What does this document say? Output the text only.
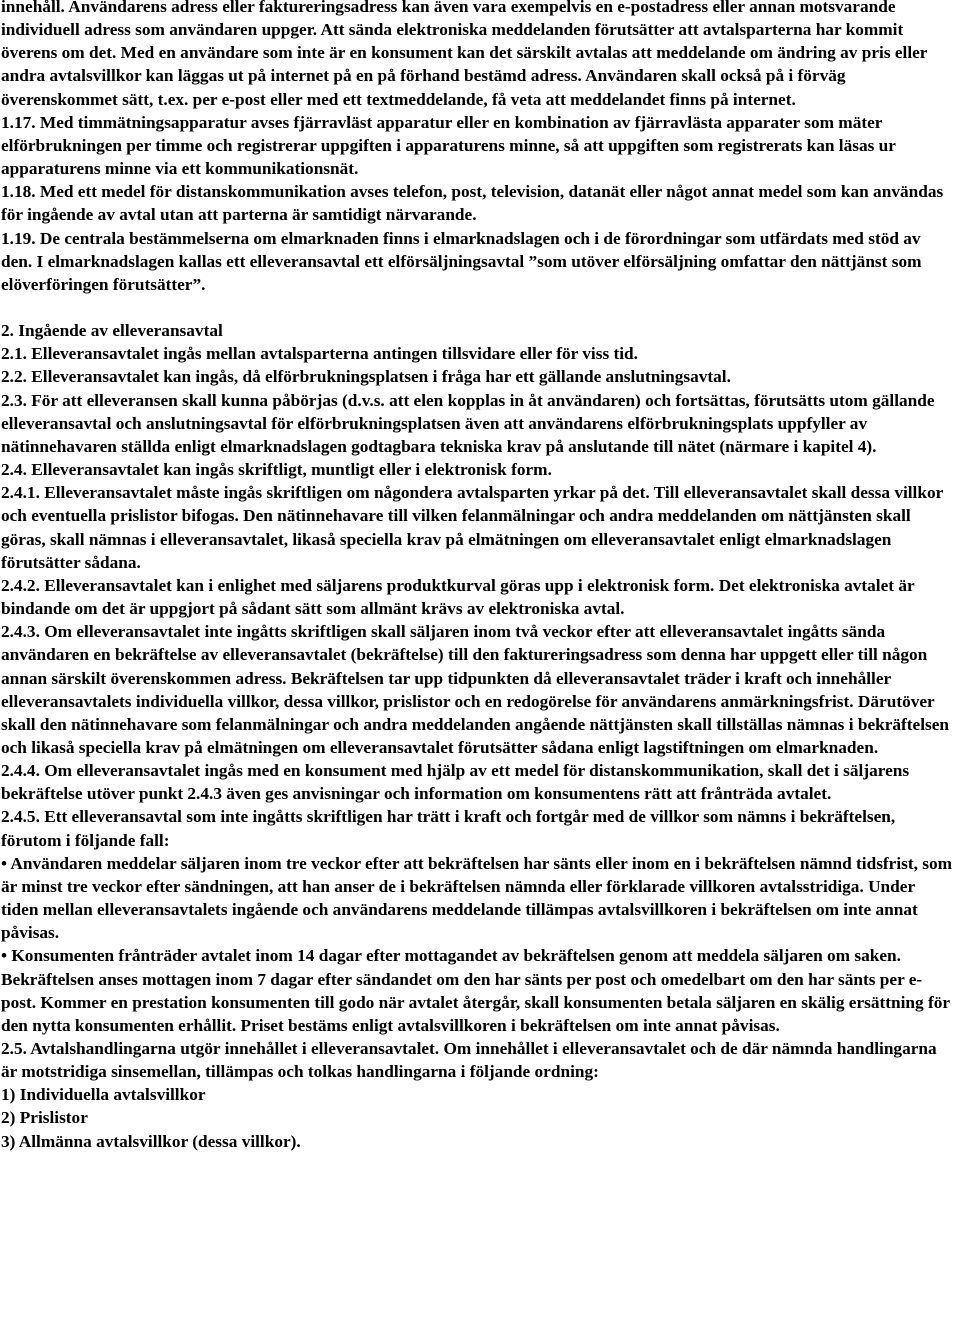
innehåll. Användarens adress eller faktureringsadress kan även vara exempelvis en e-postadress eller annan motsvarande individuell adress som användaren uppger. Att sända elektroniska meddelanden förutsätter att avtalsparterna har kommit överens om det. Med en användare som inte är en konsument kan det särskilt avtalas att meddelande om ändring av pris eller andra avtalsvillkor kan läggas ut på internet på en på förhand bestämd adress. Användaren skall också på i förväg överenskommet sätt, t.ex. per e-post eller med ett textmeddelande, få veta att meddelandet finns på internet.

1.17. Med timmätningsapparatur avses fjärravläst apparatur eller en kombination av fjärravlästa apparater som mäter elförbrukningen per timme och registrerar uppgiften i apparaturens minne, så att uppgiften som registrerats kan läsas ur apparaturens minne via ett kommunikationsnät.

1.18. Med ett medel för distanskommunikation avses telefon, post, television, datanät eller något annat medel som kan användas för ingående av avtal utan att parterna är samtidigt närvarande.

1.19. De centrala bestämmelserna om elmarknaden finns i elmarknadslagen och i de förordningar som utfärdats med stöd av den. I elmarknadslagen kallas ett elleveransavtal ett elförsäljningsavtal ”som utöver elförsäljning omfattar den nättjänst som elöverföringen förutsätter”.

2. Ingående av elleveransavtal

2.1. Elleveransavtalet ingås mellan avtalsparterna antingen tillsvidare eller för viss tid.

2.2. Elleveransavtalet kan ingås, då elförbrukningsplatsen i fråga har ett gällande anslutningsavtal.

2.3. För att elleveransen skall kunna påbörjas (d.v.s. att elen kopplas in åt användaren) och fortsättas, förutsätts utom gällande elleveransavtal och anslutningsavtal för elförbrukningsplatsen även att användarens elförbrukningsplats uppfyller av nätinnehavaren ställda enligt elmarknadslagen godtagbara tekniska krav på anslutande till nätet (närmare i kapitel 4).

2.4. Elleveransavtalet kan ingås skriftligt, muntligt eller i elektronisk form.

2.4.1. Elleveransavtalet måste ingås skriftligen om någondera avtalsparten yrkar på det. Till elleveransavtalet skall dessa villkor och eventuella prislistor bifogas. Den nätinnehavare till vilken felanmälningar och andra meddelanden om nättjänsten skall göras, skall nämnas i elleveransavtalet, likaså speciella krav på elmätningen om elleveransavtalet enligt elmarknadslagen förutsätter sådana.

2.4.2. Elleveransavtalet kan i enlighet med säljarens produktkurval göras upp i elektronisk form. Det elektroniska avtalet är bindande om det är uppgjort på sådant sätt som allmänt krävs av elektroniska avtal.

2.4.3. Om elleveransavtalet inte ingåtts skriftligen skall säljaren inom två veckor efter att elleveransavtalet ingåtts sända användaren en bekräftelse av elleveransavtalet (bekräftelse) till den faktureringsadress som denna har uppgett eller till någon annan särskilt överenskommen adress. Bekräftelsen tar upp tidpunkten då elleveransavtalet träder i kraft och innehåller elleveransavtalets individuella villkor, dessa villkor, prislistor och en redogörelse för användarens anmärkningsfrist. Därutöver skall den nätinnehavare som felanmälningar och andra meddelanden angående nättjänsten skall tillställas nämnas i bekräftelsen och likaså speciella krav på elmätningen om elleveransavtalet förutsätter sådana enligt lagstiftningen om elmarknaden.

2.4.4. Om elleveransavtalet ingås med en konsument med hjälp av ett medel för distanskommunikation, skall det i säljarens bekräftelse utöver punkt 2.4.3 även ges anvisningar och information om konsumentens rätt att frånträda avtalet.

2.4.5. Ett elleveransavtal som inte ingåtts skriftligen har trätt i kraft och fortgår med de villkor som nämns i bekräftelsen, förutom i följande fall:

• Användaren meddelar säljaren inom tre veckor efter att bekräftelsen har sänts eller inom en i bekräftelsen nämnd tidsfrist, som är minst tre veckor efter sändningen, att han anser de i bekräftelsen nämnda eller förklarade villkoren avtalsstridiga. Under tiden mellan elleveransavtalets ingående och användarens meddelande tillämpas avtalsvillkoren i bekräftelsen om inte annat påvisas.

• Konsumenten frånträder avtalet inom 14 dagar efter mottagandet av bekräftelsen genom att meddela säljaren om saken. Bekräftelsen anses mottagen inom 7 dagar efter sändandet om den har sänts per post och omedelbart om den har sänts per e-post. Kommer en prestation konsumenten till godo när avtalet återgår, skall konsumenten betala säljaren en skälig ersättning för den nytta konsumenten erhållit. Priset bestäms enligt avtalsvillkoren i bekräftelsen om inte annat påvisas.

2.5. Avtalshandlingarna utgör innehållet i elleveransavtalet. Om innehållet i elleveransavtalet och de där nämnda handlingarna är motstridiga sinsemellan, tillämpas och tolkas handlingarna i följande ordning:

1) Individuella avtalsvillkor

2) Prislistor

3) Allmänna avtalsvillkor (dessa villkor).
